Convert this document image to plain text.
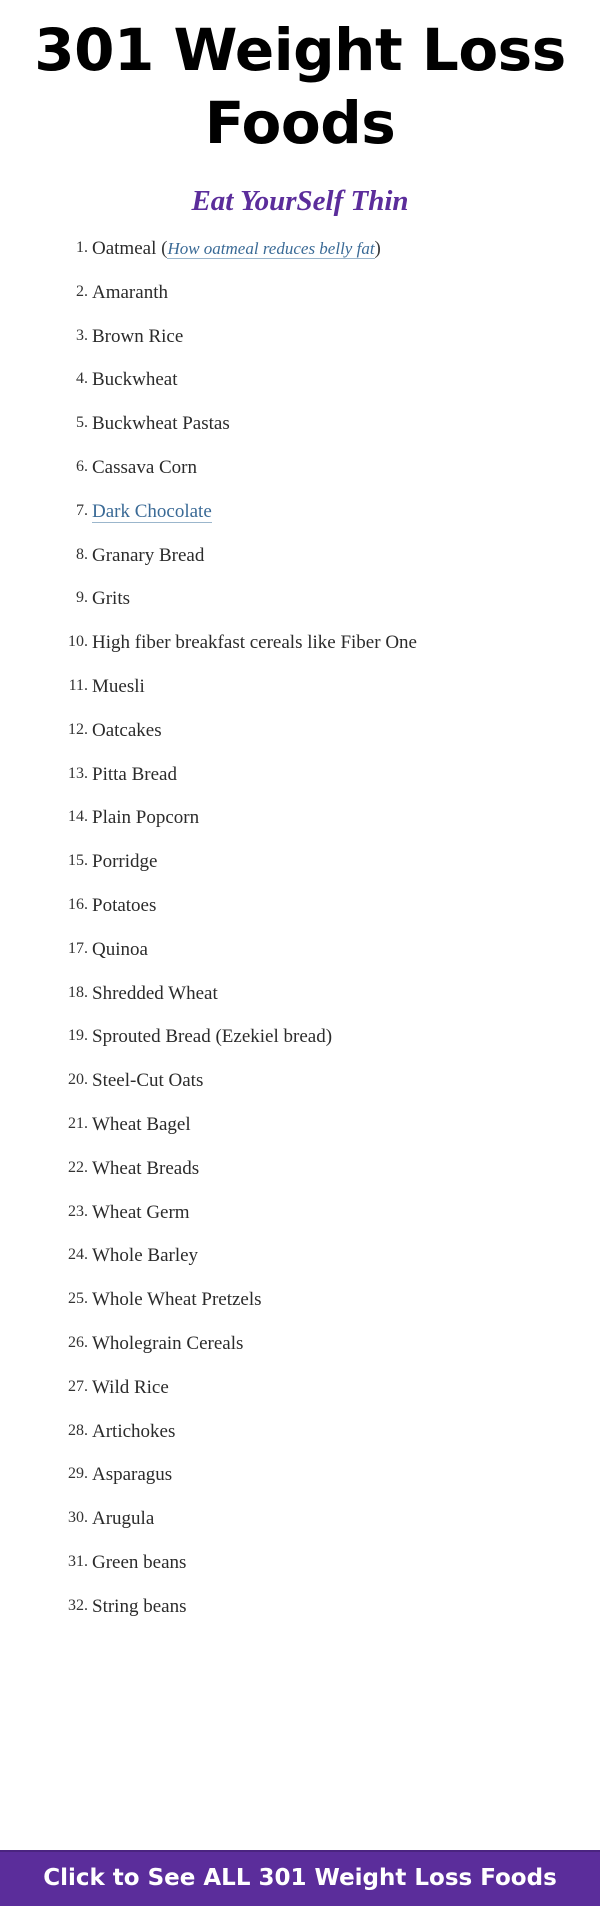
301 Weight Loss Foods
Eat YourSelf Thin
Oatmeal (How oatmeal reduces belly fat)
Amaranth
Brown Rice
Buckwheat
Buckwheat Pastas
Cassava Corn
Dark Chocolate
Granary Bread
Grits
High fiber breakfast cereals like Fiber One
Muesli
Oatcakes
Pitta Bread
Plain Popcorn
Porridge
Potatoes
Quinoa
Shredded Wheat
Sprouted Bread (Ezekiel bread)
Steel-Cut Oats
Wheat Bagel
Wheat Breads
Wheat Germ
Whole Barley
Whole Wheat Pretzels
Wholegrain Cereals
Wild Rice
Artichokes
Asparagus
Arugula
Green beans
String beans
Click to See ALL 301 Weight Loss Foods
